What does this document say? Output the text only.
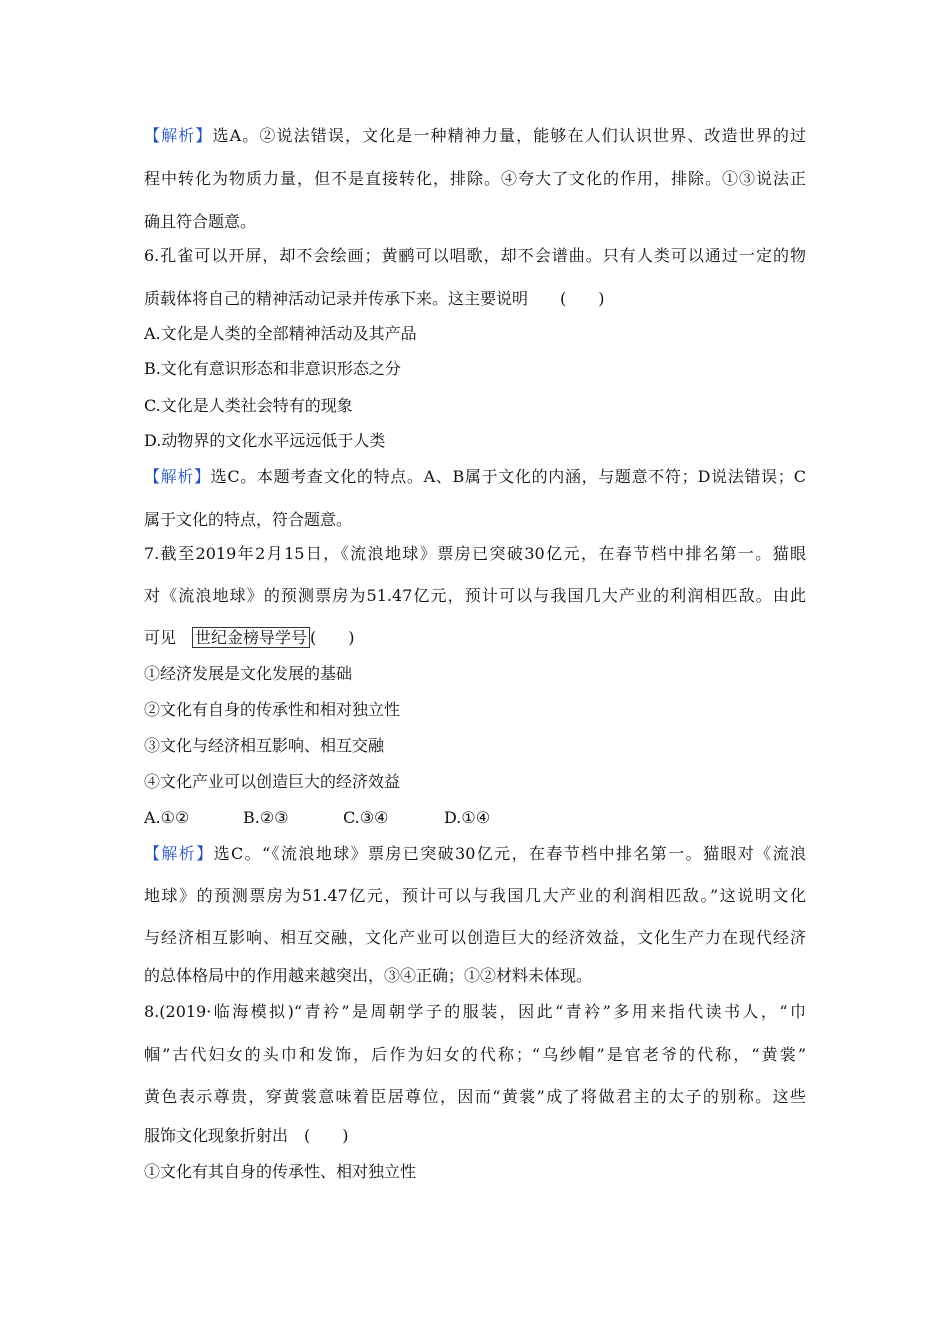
【解析】选A。②说法错误，文化是一种精神力量，能够在人们认识世界、改造世界的过
程中转化为物质力量，但不是直接转化，排除。④夸大了文化的作用，排除。①③说法正
确且符合题意。
6.孔雀可以开屏，却不会绘画；黄鹂可以唱歌，却不会谱曲。只有人类可以通过一定的物
质载体将自己的精神活动记录并传承下来。这主要说明　　(　　)
A.文化是人类的全部精神活动及其产品
B.文化有意识形态和非意识形态之分
C.文化是人类社会特有的现象
D.动物界的文化水平远远低于人类
【解析】选C。本题考查文化的特点。A、B属于文化的内涵，与题意不符；D说法错误；C
属于文化的特点，符合题意。
7.截至2019年2月15日，《流浪地球》票房已突破30亿元，在春节档中排名第一。猫眼
对《流浪地球》的预测票房为51.47亿元，预计可以与我国几大产业的利润相匹敌。由此
可见　世纪金榜导学号 (　　)
①经济发展是文化发展的基础
②文化有自身的传承性和相对独立性
③文化与经济相互影响、相互交融
④文化产业可以创造巨大的经济效益
A.①②	B.②③	C.③④	D.①④
【解析】选C。“《流浪地球》票房已突破30亿元，在春节档中排名第一。猫眼对《流浪
地球》的预测票房为51.47亿元，预计可以与我国几大产业的利润相匹敌。”这说明文化
与经济相互影响、相互交融，文化产业可以创造巨大的经济效益，文化生产力在现代经济
的总体格局中的作用越来越突出，③④正确；①②材料未体现。
8.(2019·临海模拟)“青衿”是周朝学子的服装，因此“青衿”多用来指代读书人，“巾
帼”古代妇女的头巾和发饰，后作为妇女的代称；“乌纱帽”是官老爷的代称，“黄裳”
黄色表示尊贵，穿黄裳意味着臣居尊位，因而“黄裳”成了将做君主的太子的别称。这些
服饰文化现象折射出　(　　)
①文化有其自身的传承性、相对独立性
